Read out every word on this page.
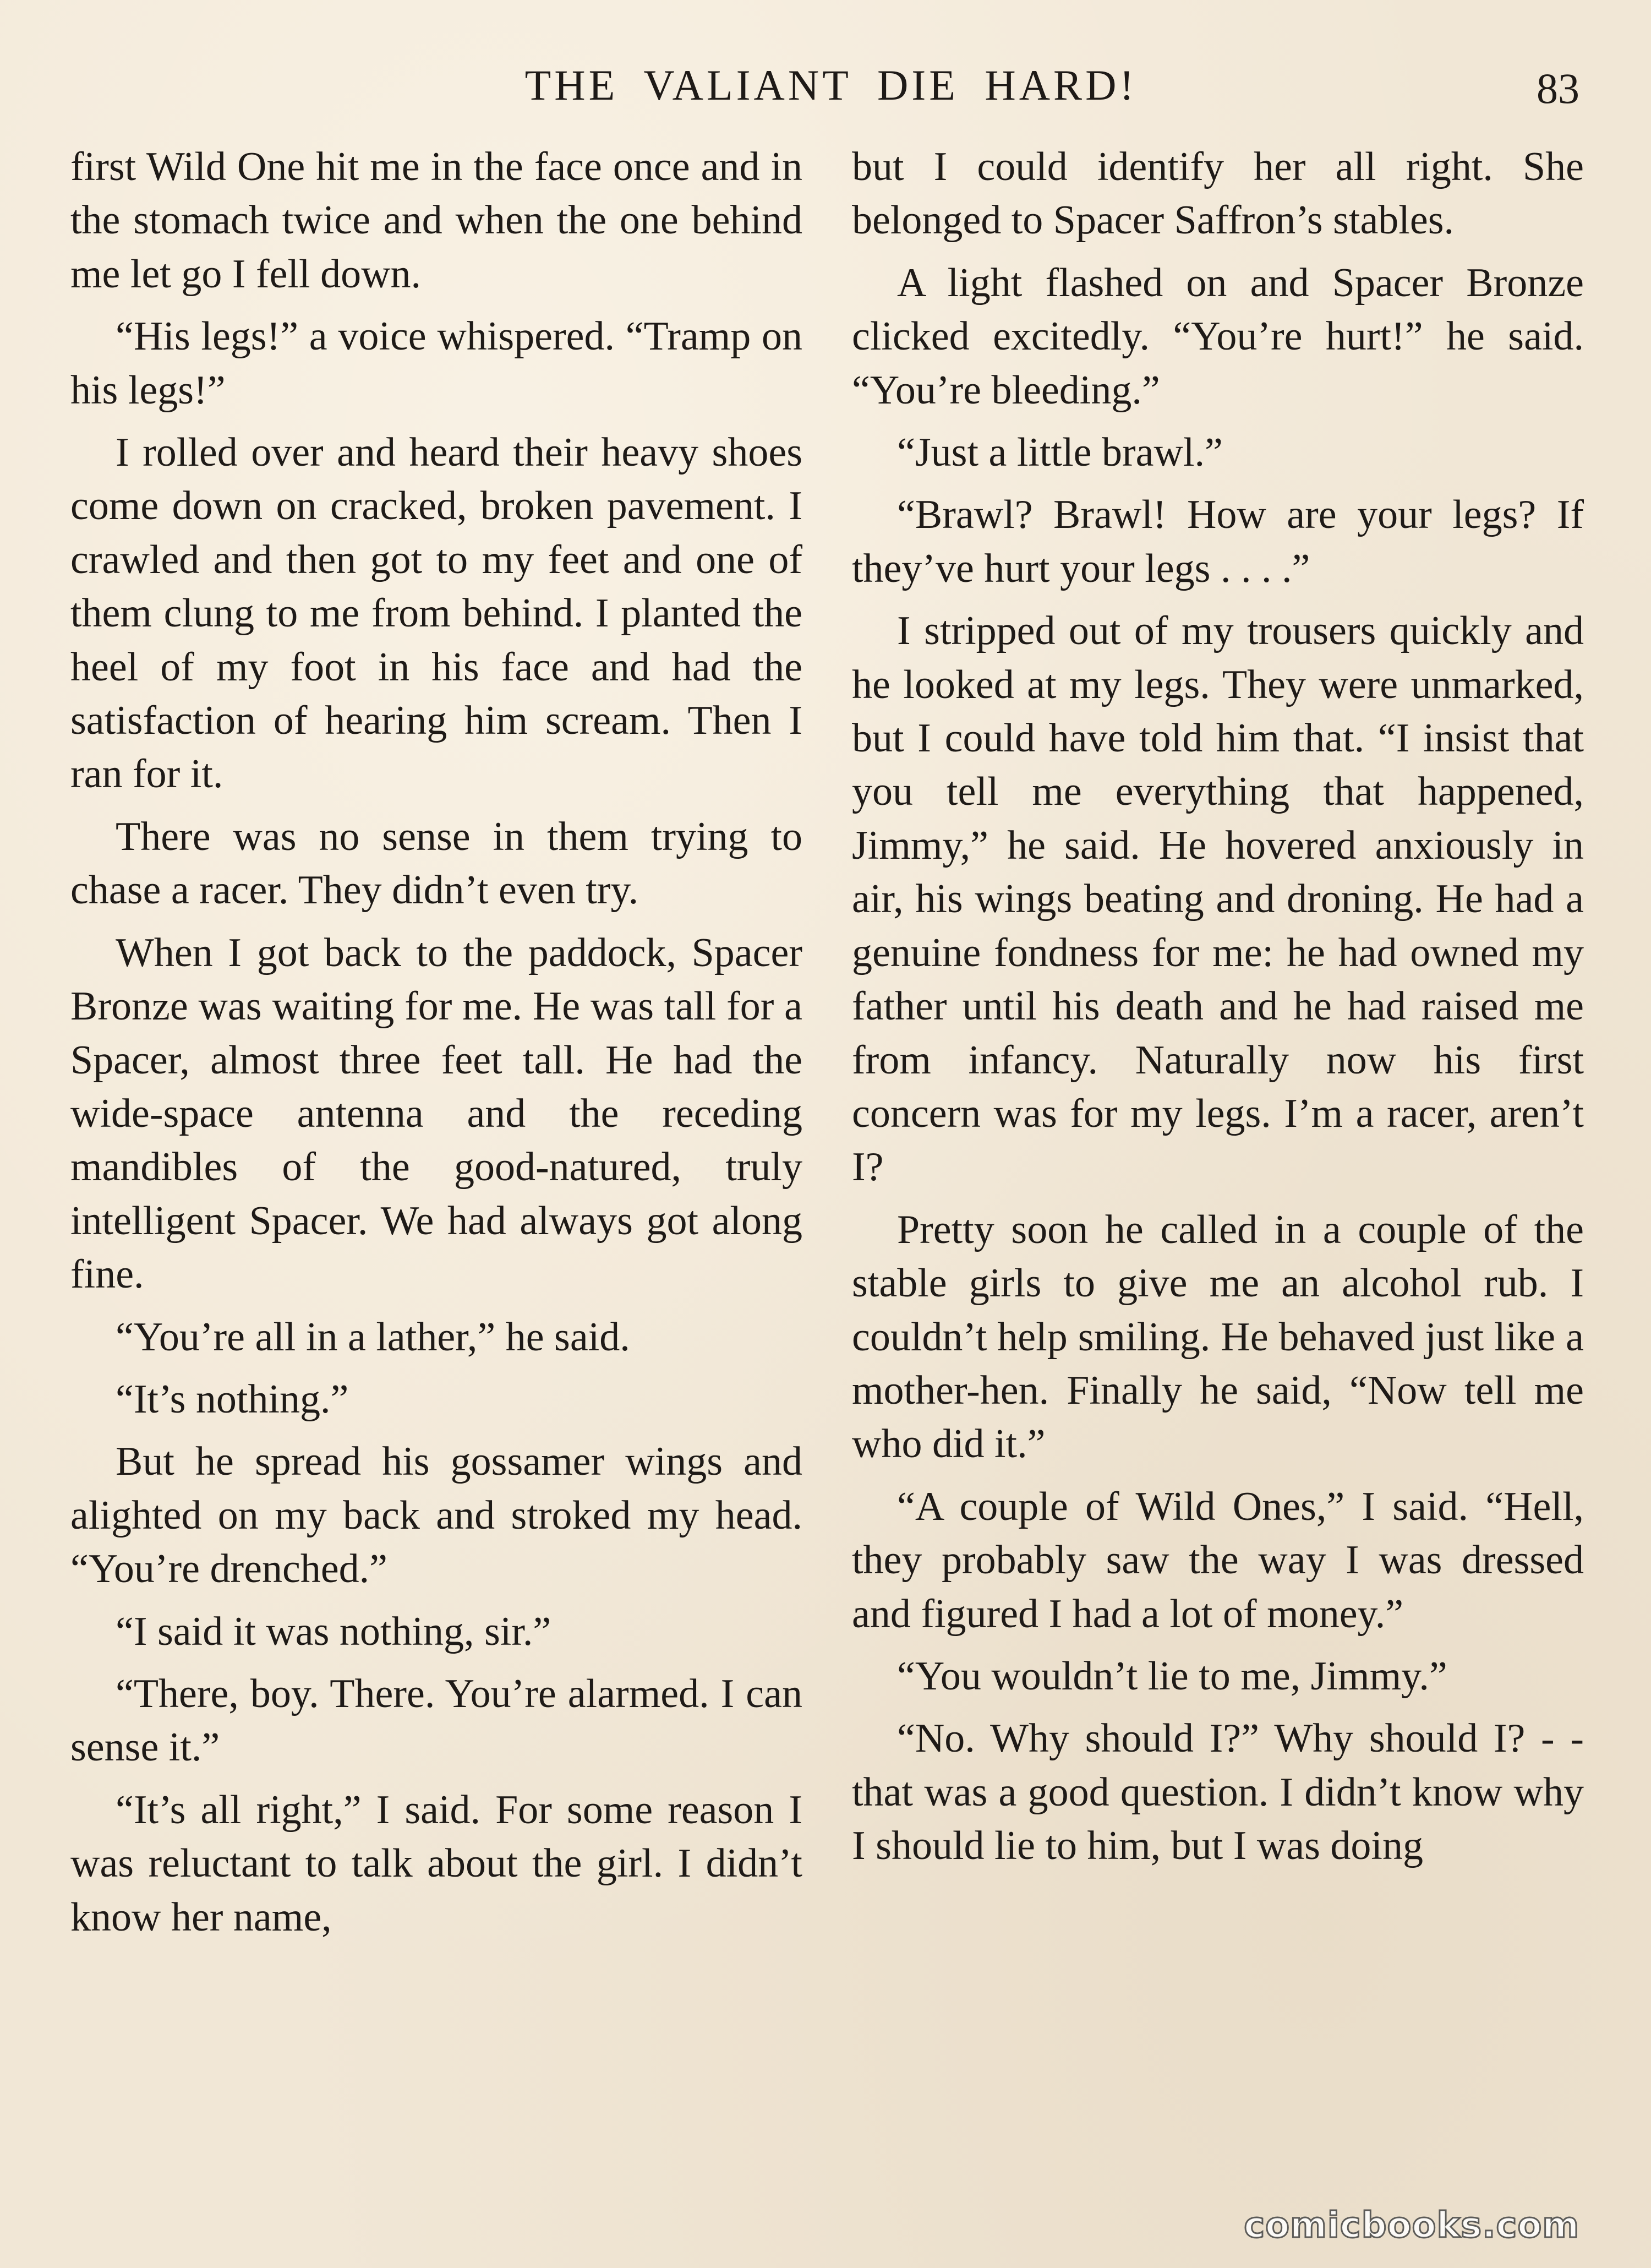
THE VALIANT DIE HARD!	83

first Wild One hit me in the face once and in the stomach twice and when the one behind me let go I fell down.

“His legs!” a voice whispered. “Tramp on his legs!”

I rolled over and heard their heavy shoes come down on cracked, broken pavement. I crawled and then got to my feet and one of them clung to me from behind. I planted the heel of my foot in his face and had the satisfaction of hearing him scream. Then I ran for it.

There was no sense in them trying to chase a racer. They didn’t even try.

When I got back to the paddock, Spacer Bronze was waiting for me. He was tall for a Spacer, almost three feet tall. He had the wide-space antenna and the receding mandibles of the good-natured, truly intelligent Spacer. We had always got along fine.

“You’re all in a lather,” he said.

“It’s nothing.”

But he spread his gossamer wings and alighted on my back and stroked my head. “You’re drenched.”

“I said it was nothing, sir.”

“There, boy. There. You’re alarmed. I can sense it.”

“It’s all right,” I said. For some reason I was reluctant to talk about the girl. I didn’t know her name,

but I could identify her all right. She belonged to Spacer Saffron’s stables.

A light flashed on and Spacer Bronze clicked excitedly. “You’re hurt!” he said. “You’re bleeding.”

“Just a little brawl.”

“Brawl? Brawl! How are your legs? If they’ve hurt your legs . . . .”

I stripped out of my trousers quickly and he looked at my legs. They were unmarked, but I could have told him that. “I insist that you tell me everything that happened, Jimmy,” he said. He hovered anxiously in air, his wings beating and droning. He had a genuine fondness for me: he had owned my father until his death and he had raised me from infancy. Naturally now his first concern was for my legs. I’m a racer, aren’t I?

Pretty soon he called in a couple of the stable girls to give me an alcohol rub. I couldn’t help smiling. He behaved just like a mother-hen. Finally he said, “Now tell me who did it.”

“A couple of Wild Ones,” I said. “Hell, they probably saw the way I was dressed and figured I had a lot of money.”

“You wouldn’t lie to me, Jimmy.”

“No. Why should I?” Why should I? - - that was a good question. I didn’t know why I should lie to him, but I was doing

comicbooks.com
